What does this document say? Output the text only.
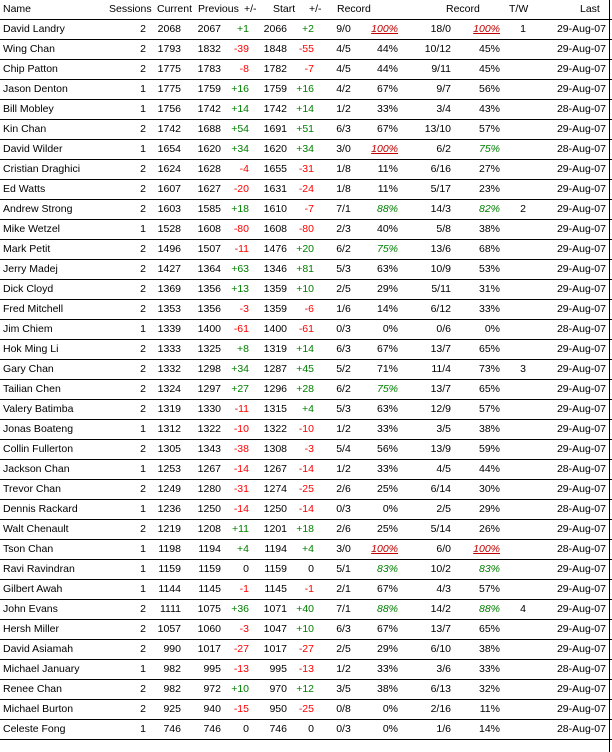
Name	Sessions Current Previous +/- Start +/- Record	Record	T/W	Last
David Landry	2	2068	2067	+1	2066	+2	9/0	100%	18/0	100%	1	29-Aug-07
Wing Chan	2	1793	1832	-39	1848	-55	4/5	44%	10/12	45%	29-Aug-07
Chip Patton	2	1775	1783	-8	1782	-7	4/5	44%	9/11	45%	29-Aug-07
Jason Denton	1	1775	1759 +16	1759 +16	4/2	67%	9/7	56%	29-Aug-07
Bill Mobley	1	1756	1742 +14	1742 +14	1/2	33%	3/4	43%	28-Aug-07
Kin Chan	2	1742	1688 +54	1691 +51	6/3	67%	13/10	57%	29-Aug-07
David Wilder	1	1654	1620 +34	1620 +34	3/0	100%	6/2	75%	28-Aug-07
Cristian Draghici	2	1624	1628	-4	1655	-31	1/8	11%	6/16	27%	29-Aug-07
Ed Watts	2	1607	1627	-20	1631	-24	1/8	11%	5/17	23%	29-Aug-07
Andrew Strong	2	1603	1585 +18	1610	-7	7/1	88%	14/3	82%	2	29-Aug-07
Mike Wetzel	1	1528	1608	-80	1608	-80	2/3	40%	5/8	38%	29-Aug-07
Mark Petit	2	1496	1507	-11	1476 +20	6/2	75%	13/6	68%	29-Aug-07
Jerry Madej	2	1427	1364 +63	1346 +81	5/3	63%	10/9	53%	29-Aug-07
Dick Cloyd	2	1369	1356 +13	1359 +10	2/5	29%	5/11	31%	29-Aug-07
Fred Mitchell	2	1353	1356	-3	1359	-6	1/6	14%	6/12	33%	29-Aug-07
Jim Chiem	1	1339	1400	-61	1400	-61	0/3	0%	0/6	0%	28-Aug-07
Hok Ming Li	2	1333	1325	+8	1319 +14	6/3	67%	13/7	65%	29-Aug-07
Gary Chan	2	1332	1298 +34	1287 +45	5/2	71%	11/4	73%	3	29-Aug-07
Tailian Chen	2	1324	1297 +27	1296 +28	6/2	75%	13/7	65%	29-Aug-07
Valery Batimba	2	1319	1330	-11	1315	+4	5/3	63%	12/9	57%	29-Aug-07
Jonas Boateng	1	1312	1322	-10	1322	-10	1/2	33%	3/5	38%	29-Aug-07
Collin Fullerton	2	1305	1343	-38	1308	-3	5/4	56%	13/9	59%	29-Aug-07
Jackson Chan	1	1253	1267	-14	1267	-14	1/2	33%	4/5	44%	28-Aug-07
Trevor Chan	2	1249	1280	-31	1274	-25	2/6	25%	6/14	30%	29-Aug-07
Dennis Rackard	1	1236	1250	-14	1250	-14	0/3	0%	2/5	29%	28-Aug-07
Walt Chenault	2	1219	1208	+11	1201 +18	2/6	25%	5/14	26%	29-Aug-07
Tson Chan	1	1198	1194	+4	1194	+4	3/0	100%	6/0	100%	28-Aug-07
Ravi Ravindran	1	1159	1159	0	1159	0	5/1	83%	10/2	83%	29-Aug-07
Gilbert Awah	1	1144	1145	-1	1145	-1	2/1	67%	4/3	57%	29-Aug-07
John Evans	2	1111	1075 +36	1071 +40	7/1	88%	14/2	88%	4	29-Aug-07
Hersh Miller	2	1057	1060	-3	1047 +10	6/3	67%	13/7	65%	29-Aug-07
David Asiamah	2	990	1017	-27	1017	-27	2/5	29%	6/10	38%	29-Aug-07
Michael January	1	982	995	-13	995	-13	1/2	33%	3/6	33%	28-Aug-07
Renee Chan	2	982	972 +10	970 +12	3/5	38%	6/13	32%	29-Aug-07
Michael Burton	2	925	940	-15	950	-25	0/8	0%	2/16	11%	29-Aug-07
Celeste Fong	1	746	746	0	746	0	0/3	0%	1/6	14%	28-Aug-07
